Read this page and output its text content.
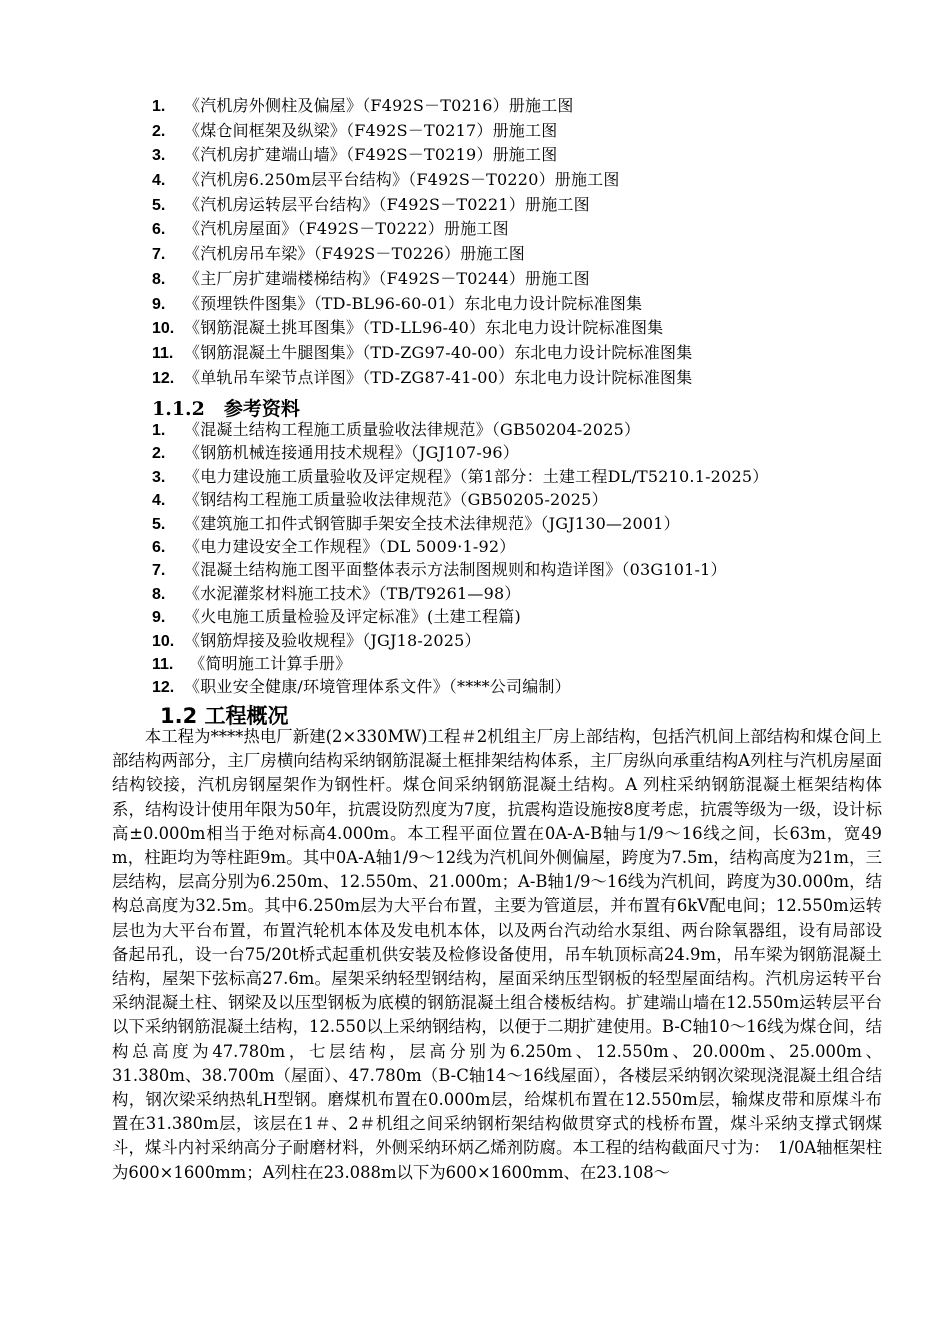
1. 《汽机房外侧柱及偏屋》（F492S－T0216）册施工图
2. 《煤仓间框架及纵梁》（F492S－T0217）册施工图
3. 《汽机房扩建端山墙》（F492S－T0219）册施工图
4. 《汽机房6.250m层平台结构》（F492S－T0220）册施工图
5. 《汽机房运转层平台结构》（F492S－T0221）册施工图
6. 《汽机房屋面》（F492S－T0222）册施工图
7. 《汽机房吊车梁》（F492S－T0226）册施工图
8. 《主厂房扩建端楼梯结构》（F492S－T0244）册施工图
9. 《预埋铁件图集》（TD-BL96-60-01）东北电力设计院标准图集
10. 《钢筋混凝土挑耳图集》（TD-LL96-40）东北电力设计院标准图集
11. 《钢筋混凝土牛腿图集》（TD-ZG97-40-00）东北电力设计院标准图集
12. 《单轨吊车梁节点详图》（TD-ZG87-41-00）东北电力设计院标准图集
1.1.2　参考资料
1. 《混凝土结构工程施工质量验收法律规范》（GB50204-2025）
2. 《钢筋机械连接通用技术规程》（JGJ107-96）
3. 《电力建设施工质量验收及评定规程》（第1部分：土建工程DL/T5210.1-2025）
4. 《钢结构工程施工质量验收法律规范》（GB50205-2025）
5. 《建筑施工扣件式钢管脚手架安全技术法律规范》（JGJ130—2001）
6. 《电力建设安全工作规程》（DL 5009·1-92）
7. 《混凝土结构施工图平面整体表示方法制图规则和构造详图》（03G101-1）
8. 《水泥灌浆材料施工技术》（TB/T9261—98）
9. 《火电施工质量检验及评定标准》(土建工程篇)
10. 《钢筋焊接及验收规程》（JGJ18-2025）
11. 《简明施工计算手册》
12. 《职业安全健康/环境管理体系文件》（****公司编制）
1.2 工程概况

本工程为****热电厂新建(2×330MW)工程＃2机组主厂房上部结构，包括汽机间上部结构和煤仓间上部结构两部分，主厂房横向结构采纳钢筋混凝土框排架结构体系，主厂房纵向承重结构A列柱与汽机房屋面结构铰接，汽机房钢屋架作为钢性杆。煤仓间采纳钢筋混凝土结构。A 列柱采纳钢筋混凝土框架结构体系，结构设计使用年限为50年，抗震设防烈度为7度，抗震构造设施按8度考虑，抗震等级为一级，设计标高±0.000m相当于绝对标高4.000m。本工程平面位置在0A-A-B轴与1/9～16线之间，长63m，宽49 m，柱距均为等柱距9m。其中0A-A轴1/9～12线为汽机间外侧偏屋，跨度为7.5m，结构高度为21m，三层结构，层高分别为6.250m、12.550m、21.000m；A-B轴1/9～16线为汽机间，跨度为30.000m，结构总高度为32.5m。其中6.250m层为大平台布置，主要为管道层，并布置有6kV配电间；12.550m运转层也为大平台布置，布置汽轮机本体及发电机本体，以及两台汽动给水泵组、两台除氧器组，设有局部设备起吊孔，设一台75/20t桥式起重机供安装及检修设备使用，吊车轨顶标高24.9m，吊车梁为钢筋混凝土结构，屋架下弦标高27.6m。屋架采纳轻型钢结构，屋面采纳压型钢板的轻型屋面结构。汽机房运转平台采纳混凝土柱、钢梁及以压型钢板为底模的钢筋混凝土组合楼板结构。扩建端山墙在12.550m运转层平台以下采纳钢筋混凝土结构，12.550以上采纳钢结构，以便于二期扩建使用。B-C轴10～16线为煤仓间，结构总高度为47.780m，七层结构，层高分别为6.250m、12.550m、20.000m、25.000m、31.380m、38.700m（屋面）、47.780m（B-C轴14～16线屋面），各楼层采纳钢次梁现浇混凝土组合结构，钢次梁采纳热轧H型钢。磨煤机布置在0.000m层，给煤机布置在12.550m层，输煤皮带和原煤斗布置在31.380m层，该层在1＃、2＃机组之间采纳钢桁架结构做贯穿式的栈桥布置，煤斗采纳支撑式钢煤斗，煤斗内衬采纳高分子耐磨材料，外侧采纳环炳乙烯剂防腐。本工程的结构截面尺寸为：　1/0A轴框架柱为600×1600mm；A列柱在23.088m以下为600×1600mm、在23.108～
